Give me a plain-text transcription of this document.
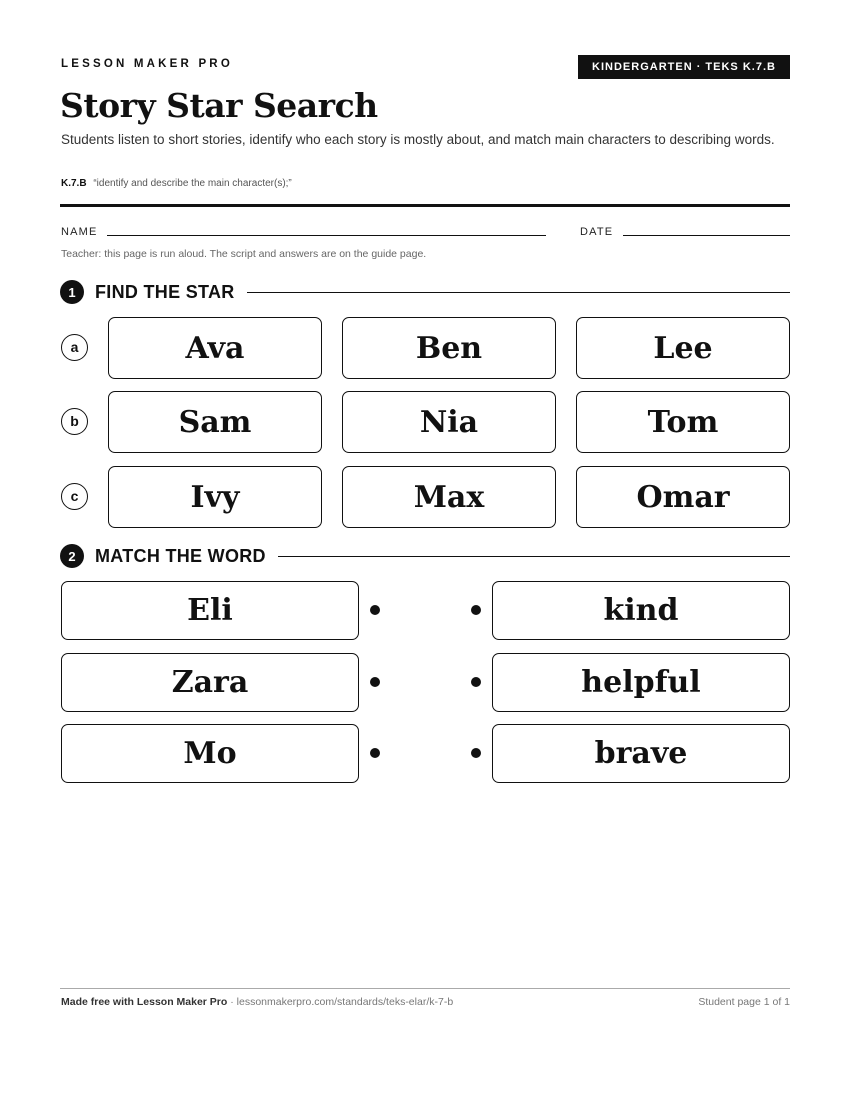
LESSON MAKER PRO	KINDERGARTEN · TEKS K.7.B
Story Star Search

Students listen to short stories, identify who each story is mostly about, and match main characters to describing words.

K.7.B “identify and describe the main character(s);”
NAME	DATE
Teacher: this page is run aloud. The script and answers are on the guide page.
1	FIND THE STAR
a	Ava	Ben	Lee
b	Sam	Nia	Tom
c	Ivy	Max	Omar
2	MATCH THE WORD
Eli	kind
Zara	helpful
Mo	brave
Made free with Lesson Maker Pro · lessonmakerpro.com/standards/teks-elar/k-7-b	Student page 1 of 1
